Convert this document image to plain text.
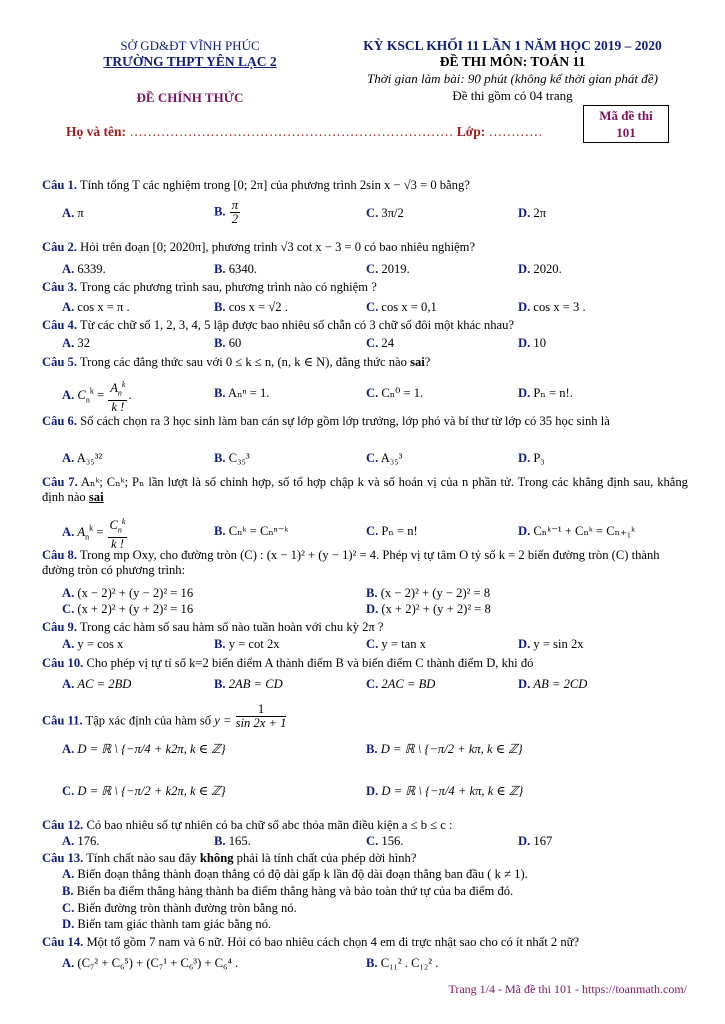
SỞ GD&ĐT VĨNH PHÚC
TRƯỜNG THPT YÊN LẠC 2
ĐỀ CHÍNH THỨC
KỲ KSCL KHỐI 11 LẦN 1 NĂM HỌC 2019 – 2020
ĐỀ THI MÔN: TOÁN 11
Thời gian làm bài: 90 phút (không kể thời gian phát đề)
Đề thi gồm có 04 trang
Mã đề thi
101
Họ và tên: ……………………………………………………………… Lớp: …………
Câu 1. Tính tổng T các nghiệm trong [0; 2π] của phương trình 2sin x − √3 = 0 bằng?
A. π	B. $\frac{\pi}{2}$	C. 3π/2	D. 2π
Câu 2. Hỏi trên đoạn [0; 2020π], phương trình √3 cot x − 3 = 0 có bao nhiêu nghiệm?
A. 6339.	B. 6340.	C. 2019.	D. 2020.
Câu 3. Trong các phương trình sau, phương trình nào có nghiệm ?
A. cos x = π .	B. cos x = √2 .	C. cos x = 0,1	D. cos x = 3 .
Câu 4. Từ các chữ số 1, 2, 3, 4, 5 lập được bao nhiêu số chẵn có 3 chữ số đôi một khác nhau?
A. 32	B. 60	C. 24	D. 10
Câu 5. Trong các đẳng thức sau với 0 ≤ k ≤ n, (n, k ∈ N), đẳng thức nào sai?
A. $C_n^k = \frac{A_n^k}{k !}$ .	B. Aₙⁿ = 1.	C. Cₙ⁰ = 1.	D. Pₙ = n!.
Câu 6. Số cách chọn ra 3 học sinh làm ban cán sự lớp gồm lớp trưởng, lớp phó và bí thư từ lớp có 35 học sinh là
A. A₃₅³²	B. C₃₅³	C. A₃₅³	D. P₃
Câu 7. Aₙᵏ; Cₙᵏ; Pₙ lần lượt là số chỉnh hợp, số tổ hợp chập k và số hoán vị của n phần tử. Trong các khẳng định sau, khẳng định nào sai
A. $A_n^k = \frac{C_n^k}{k !}$	B. Cₙᵏ = Cₙⁿ⁻ᵏ	C. Pₙ = n!	D. Cₙᵏ⁻¹ + Cₙᵏ = Cₙ₊₁ᵏ
Câu 8. Trong mp Oxy, cho đường tròn (C) : (x − 1)² + (y − 1)² = 4. Phép vị tự tâm O tỷ số k = 2 biến đường tròn (C) thành đường tròn có phương trình:
A. (x − 2)² + (y − 2)² = 16	B. (x − 2)² + (y − 2)² = 8
C. (x + 2)² + (y + 2)² = 16	D. (x + 2)² + (y + 2)² = 8
Câu 9. Trong các hàm số sau hàm số nào tuần hoàn với chu kỳ 2π ?
A. y = cos x	B. y = cot 2x	C. y = tan x	D. y = sin 2x
Câu 10. Cho phép vị tự tỉ số k=2 biến điểm A thành điểm B và biến điểm C thành điểm D, khi đó
A. AC = 2BD	B. 2AB = CD	C. 2AC = BD	D. AB = 2CD
Câu 11. Tập xác định của hàm số $y = \frac{1}{\sin 2x + 1}$
A. D = ℝ \ {−π/4 + k2π, k ∈ ℤ}	B. D = ℝ \ {−π/2 + kπ, k ∈ ℤ}
C. D = ℝ \ {−π/2 + k2π, k ∈ ℤ}	D. D = ℝ \ {−π/4 + kπ, k ∈ ℤ}
Câu 12. Có bao nhiêu số tự nhiên có ba chữ số abc thỏa mãn điều kiện a ≤ b ≤ c :
A. 176.	B. 165.	C. 156.	D. 167
Câu 13. Tính chất nào sau đây không phải là tính chất của phép dời hình?
A. Biến đoạn thẳng thành đoạn thẳng có độ dài gấp k lần độ dài đoạn thẳng ban đầu ( k ≠ 1).
B. Biến ba điểm thẳng hàng thành ba điểm thẳng hàng và bảo toàn thứ tự của ba điểm đó.
C. Biến đường tròn thành đường tròn bằng nó.
D. Biến tam giác thành tam giác bằng nó.
Câu 14. Một tổ gồm 7 nam và 6 nữ. Hỏi có bao nhiêu cách chọn 4 em đi trực nhật sao cho có ít nhất 2 nữ?
A. (C₇² + C₆⁵) + (C₇¹ + C₆³) + C₆⁴ .	B. C₁₁² . C₁₂² .
Trang 1/4 - Mã đề thi 101 - https://toanmath.com/
